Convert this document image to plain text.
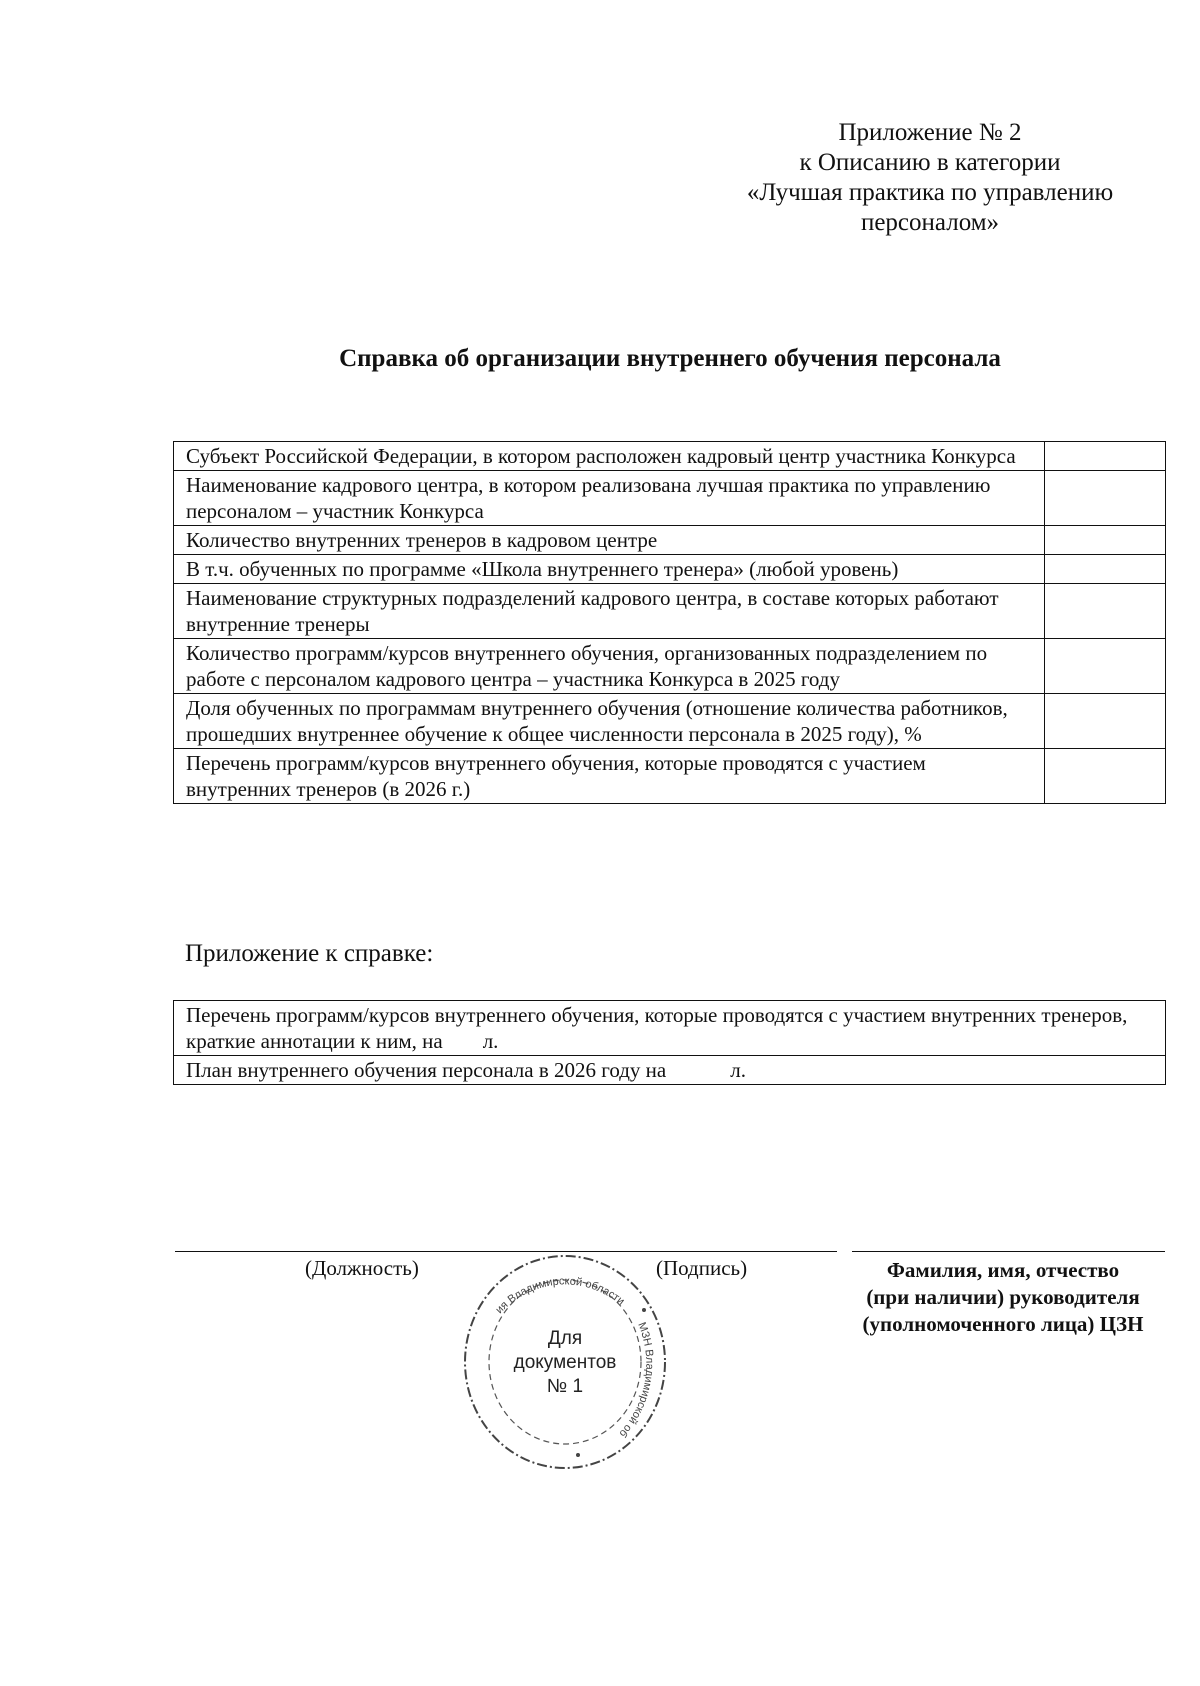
Приложение № 2
к Описанию в категории
«Лучшая практика по управлению
персоналом»
Справка об организации внутреннего обучения персонала
Субъект Российской Федерации, в котором расположен кадровый центр участника Конкурса	
Наименование кадрового центра, в котором реализована лучшая практика по управлению персоналом – участник Конкурса	
Количество внутренних тренеров в кадровом центре	
В т.ч. обученных по программе «Школа внутреннего тренера» (любой уровень)	
Наименование структурных подразделений кадрового центра, в составе которых работают внутренние тренеры	
Количество программ/курсов внутреннего обучения, организованных подразделением по работе с персоналом кадрового центра – участника Конкурса в 2025 году	
Доля обученных по программам внутреннего обучения (отношение количества работников, прошедших внутреннее обучение к общее численности персонала в 2025 году), %	
Перечень программ/курсов внутреннего обучения, которые проводятся с участием внутренних тренеров (в 2026 г.)	
Приложение к справке:
Перечень программ/курсов внутреннего обучения, которые проводятся с участием внутренних тренеров, краткие аннотации к ним, на л.
План внутреннего обучения персонала в 2026 году на	л.
(Должность)	(Подпись)	Фамилия, имя, отчество
(при наличии) руководителя
(уполномоченного лица) ЦЗН
ия Владимирской области
МЗН Владимирской об
Для
документов
№ 1
